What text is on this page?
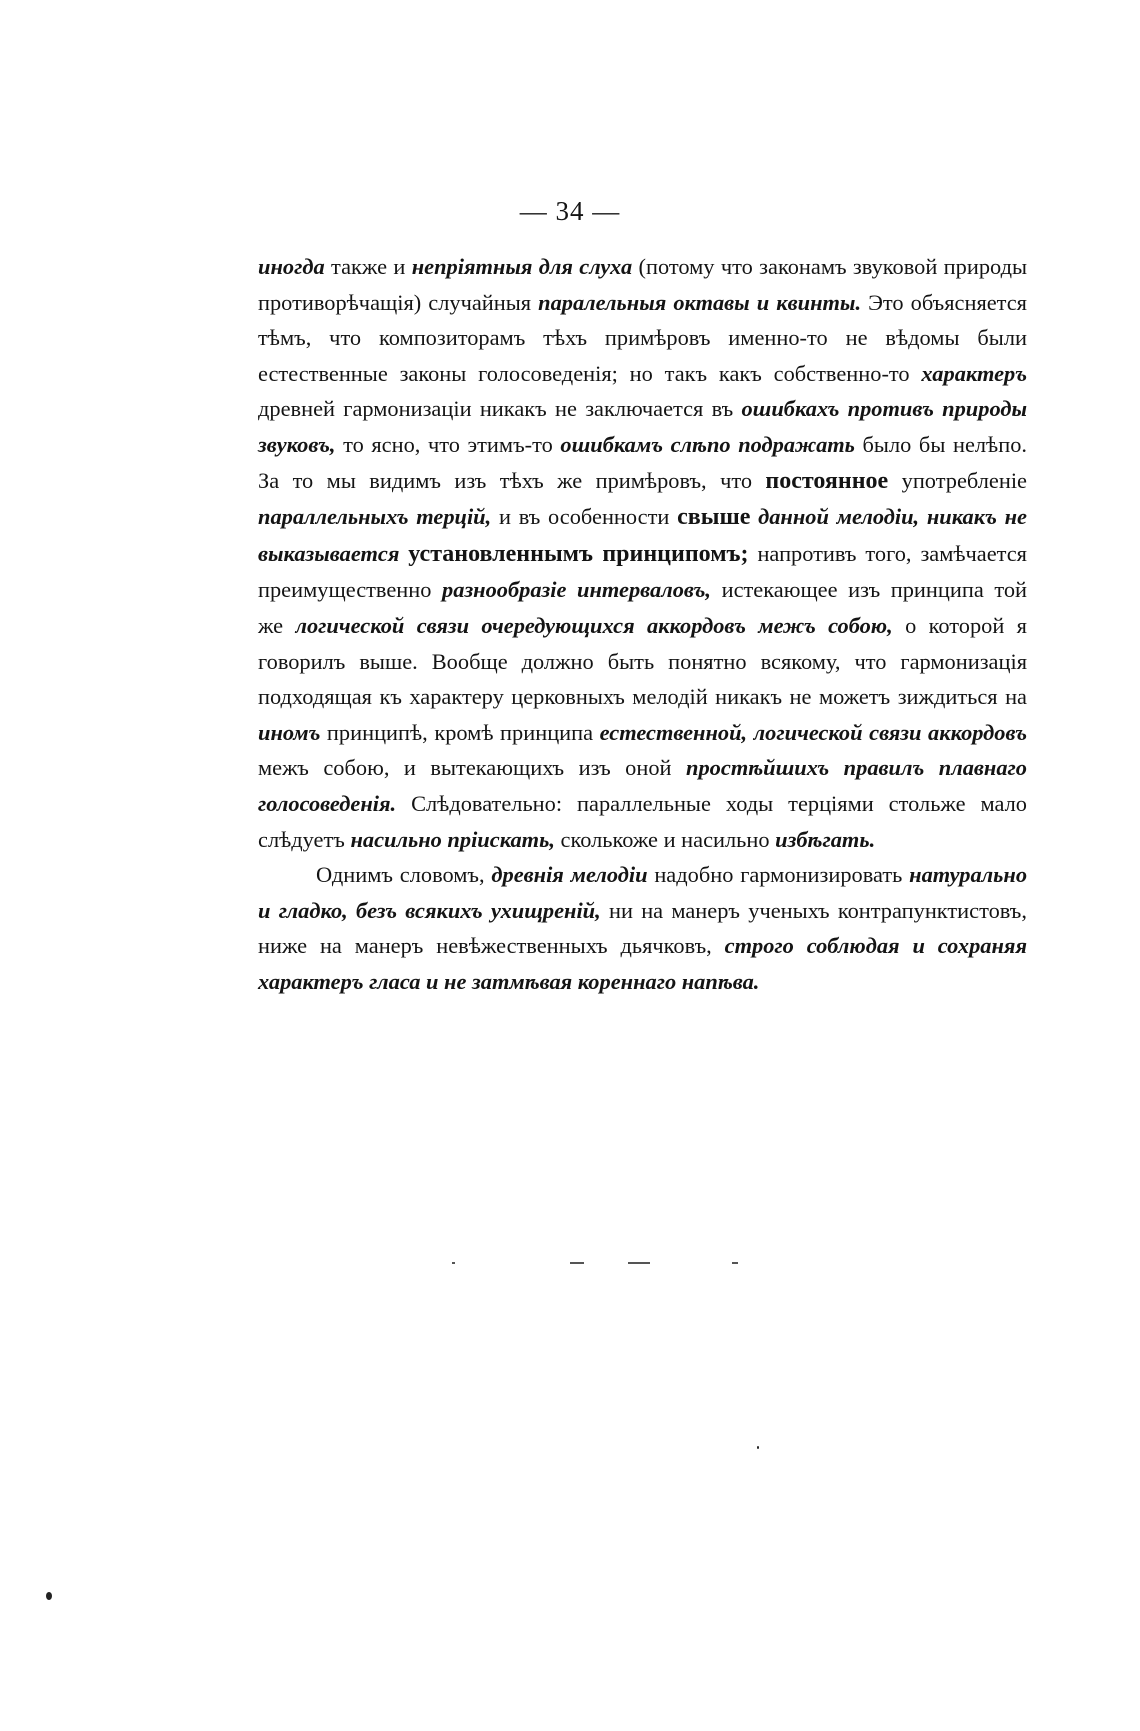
— 34 —

иногда также и непріятныя для слуха (потому что законамъ звуковой природы противорѣчащія) случайныя паралельныя октавы и квинты. Это объясняется тѣмъ, что композиторамъ тѣхъ примѣровъ именно-то не вѣдомы были естественные законы голосоведенія; но такъ какъ собственно-то характеръ древней гармонизаціи никакъ не заключается въ ошибкахъ противъ природы звуковъ, то ясно, что этимъ-то ошибкамъ слѣпо подражать было бы нелѣпо. За то мы видимъ изъ тѣхъ же примѣровъ, что постоянное употребленіе параллельныхъ терцій, и въ особенности свыше данной мелодіи, никакъ не выказывается установленнымъ принципомъ; напротивъ того, замѣчается преимущественно разнообразіе интерваловъ, истекающее изъ принципа той же логической связи очередующихся аккордовъ межъ собою, о которой я говорилъ выше. Вообще должно быть понятно всякому, что гармонизація подходящая къ характеру церковныхъ мелодій никакъ не можетъ зиждиться на иномъ принципѣ, кромѣ принципа естественной, логической связи аккордовъ межъ собою, и вытекающихъ изъ оной простѣйшихъ правилъ плавнаго голосоведенія. Слѣдовательно: параллельные ходы терціями стольже мало слѣдуетъ насильно пріискать, сколькоже и насильно избѣгать.

Однимъ словомъ, древнія мелодіи надобно гармонизировать натурально и гладко, безъ всякихъ ухищреній, ни на манеръ ученыхъ контрапунктистовъ, ниже на манеръ невѣжественныхъ дьячковъ, строго соблюдая и сохраняя характеръ гласа и не затмѣвая кореннаго напѣва.
